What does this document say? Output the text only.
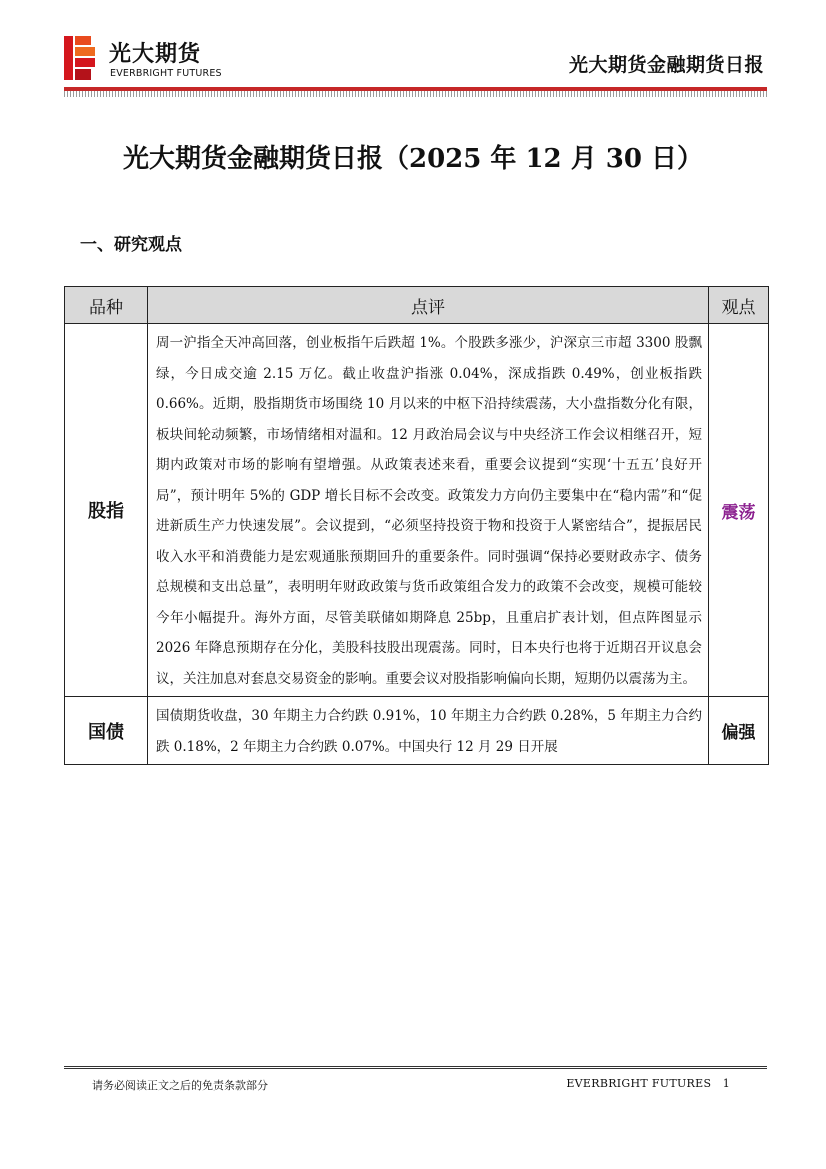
光大期货
EVERBRIGHT FUTURES	光大期货金融期货日报
光大期货金融期货日报（2025 年 12 月 30 日）
一、研究观点
品种	点评	观点
股指	周一沪指全天冲高回落，创业板指午后跌超 1%。个股跌多涨少，沪深京三市超 3300 股飘绿，今日成交逾 2.15 万亿。截止收盘沪指涨 0.04%，深成指跌 0.49%，创业板指跌 0.66%。近期，股指期货市场围绕 10 月以来的中枢下沿持续震荡，大小盘指数分化有限，板块间轮动频繁，市场情绪相对温和。12 月政治局会议与中央经济工作会议相继召开，短期内政策对市场的影响有望增强。从政策表述来看，重要会议提到“实现‘十五五’良好开局”，预计明年 5%的 GDP 增长目标不会改变。政策发力方向仍主要集中在“稳内需”和“促进新质生产力快速发展”。会议提到，“必须坚持投资于物和投资于人紧密结合”，提振居民收入水平和消费能力是宏观通胀预期回升的重要条件。同时强调“保持必要财政赤字、债务总规模和支出总量”，表明明年财政政策与货币政策组合发力的政策不会改变，规模可能较今年小幅提升。海外方面，尽管美联储如期降息 25bp，且重启扩表计划，但点阵图显示 2026 年降息预期存在分化，美股科技股出现震荡。同时，日本央行也将于近期召开议息会议，关注加息对套息交易资金的影响。重要会议对股指影响偏向长期，短期仍以震荡为主。	震荡
国债	国债期货收盘，30 年期主力合约跌 0.91%，10 年期主力合约跌 0.28%，5 年期主力合约跌 0.18%，2 年期主力合约跌 0.07%。中国央行 12 月 29 日开展	偏强
请务必阅读正文之后的免责条款部分	EVERBRIGHT FUTURES 1
